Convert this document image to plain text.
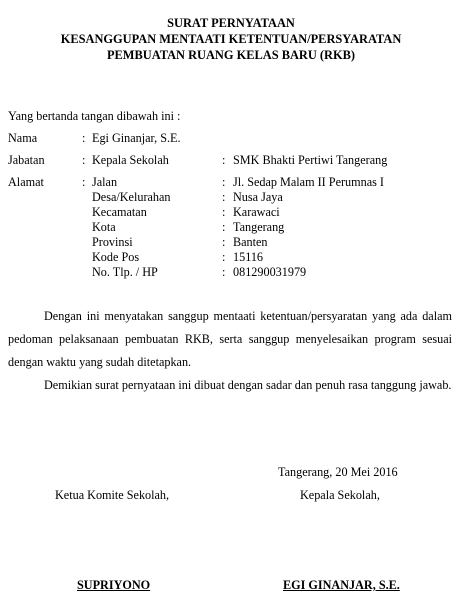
SURAT PERNYATAAN
KESANGGUPAN MENTAATI KETENTUAN/PERSYARATAN
PEMBUATAN RUANG KELAS BARU (RKB)
Yang bertanda tangan dibawah ini :
Nama	: Egi Ginanjar, S.E.
Jabatan	: Kepala Sekolah	: SMK Bhakti Pertiwi Tangerang
Alamat	: Jalan	: Jl. Sedap Malam II Perumnas I
Desa/Kelurahan	: Nusa Jaya
Kecamatan	: Karawaci
Kota	: Tangerang
Provinsi	: Banten
Kode Pos	: 15116
No. Tlp. / HP	: 081290031979

Dengan ini menyatakan sanggup mentaati ketentuan/persyaratan yang ada dalam pedoman pelaksanaan pembuatan RKB, serta sanggup menyelesaikan program sesuai dengan waktu yang sudah ditetapkan.

Demikian surat pernyataan ini dibuat dengan sadar dan penuh rasa tanggung jawab.

Tangerang, 20 Mei 2016
Ketua Komite Sekolah,	Kepala Sekolah,
SUPRIYONO	EGI GINANJAR, S.E.
